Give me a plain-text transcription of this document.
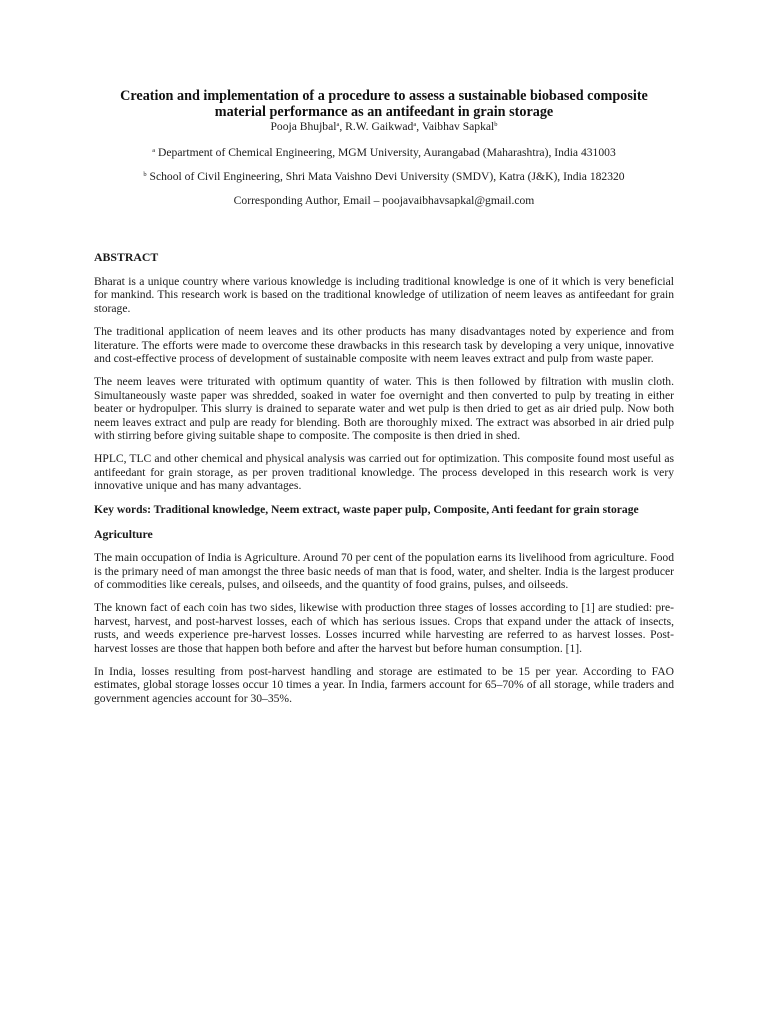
Creation and implementation of a procedure to assess a sustainable biobased composite material performance as an antifeedant in grain storage
Pooja Bhujbal$^a$, R.W. Gaikwad$^a$, Vaibhav Sapkal$^b$
$^a$ Department of Chemical Engineering, MGM University, Aurangabad (Maharashtra), India 431003
$^b$ School of Civil Engineering, Shri Mata Vaishno Devi University (SMDV), Katra (J&K), India 182320
Corresponding Author, Email – poojavaibhavsapkal@gmail.com
ABSTRACT

Bharat is a unique country where various knowledge is including traditional knowledge is one of it which is very beneficial for mankind. This research work is based on the traditional knowledge of utilization of neem leaves as antifeedant for grain storage.

The traditional application of neem leaves and its other products has many disadvantages noted by experience and from literature. The efforts were made to overcome these drawbacks in this research task by developing a very unique, innovative and cost-effective process of development of sustainable composite with neem leaves extract and pulp from waste paper.

The neem leaves were triturated with optimum quantity of water. This is then followed by filtration with muslin cloth. Simultaneously waste paper was shredded, soaked in water foe overnight and then converted to pulp by treating in either beater or hydropulper. This slurry is drained to separate water and wet pulp is then dried to get as air dried pulp. Now both neem leaves extract and pulp are ready for blending. Both are thoroughly mixed. The extract was absorbed in air dried pulp with stirring before giving suitable shape to composite. The composite is then dried in shed.

HPLC, TLC and other chemical and physical analysis was carried out for optimization. This composite found most useful as antifeedant for grain storage, as per proven traditional knowledge. The process developed in this research work is very innovative unique and has many advantages.

Key words: Traditional knowledge, Neem extract, waste paper pulp, Composite, Anti feedant for grain storage

Agriculture

The main occupation of India is Agriculture. Around 70 per cent of the population earns its livelihood from agriculture. Food is the primary need of man amongst the three basic needs of man that is food, water, and shelter. India is the largest producer of commodities like cereals, pulses, and oilseeds, and the quantity of food grains, pulses, and oilseeds.

The known fact of each coin has two sides, likewise with production three stages of losses according to [1] are studied: pre-harvest, harvest, and post-harvest losses, each of which has serious issues. Crops that expand under the attack of insects, rusts, and weeds experience pre-harvest losses. Losses incurred while harvesting are referred to as harvest losses. Post-harvest losses are those that happen both before and after the harvest but before human consumption. [1].

In India, losses resulting from post-harvest handling and storage are estimated to be 15 per year. According to FAO estimates, global storage losses occur 10 times a year. In India, farmers account for 65–70% of all storage, while traders and government agencies account for 30–35%.
